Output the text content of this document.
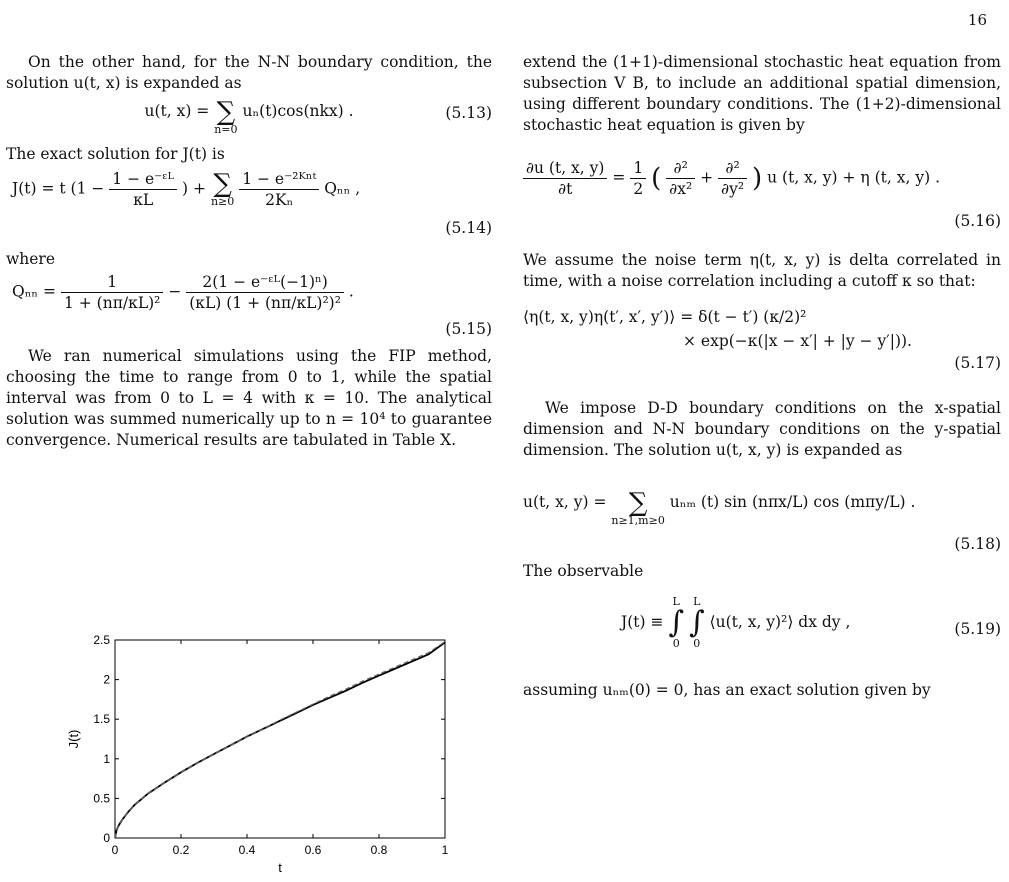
16

On the other hand, for the N-N boundary condition, the solution u(t, x) is expanded as

u(t, x) = ∑
n=0
uₙ(t)cos(nkx) .	(5.13)

The exact solution for J(t) is

J(t) = t ($1 - \frac{\text{1 − e⁻ᵋᴸ}}{\kappa L}$ ) + ∑
n≥0
$\frac{\text{1 − e⁻²ᴷⁿᵗ}}{\text{2Kₙ}}$ Qₙₙ ,
(5.14)

where

$Q_{nn} = \frac{1}{\text{1 + (nπ/κL)²}} - \frac{\text{2(1 − e⁻ᵋᴸ(−1)ⁿ)}}{\text{(κL) (1 + (nπ/κL)²)²}}$ .
(5.15)

We ran numerical simulations using the FIP method, choosing the time to range from 0 to 1, while the spatial interval was from 0 to L = 4 with κ = 10. The analytical solution was summed numerically up to n = 10⁴ to guarantee convergence. Numerical results are tabulated in Table X.

0	0.2	0.4	0.6	0.8	1
0
0.5
1
1.5
2
2.5
t
J(t)

extend the (1+1)-dimensional stochastic heat equation from subsection V B, to include an additional spatial dimension, using different boundary conditions. The (1+2)-dimensional stochastic heat equation is given by

$\frac{\partial u (t, x, y)}{\partial t} = \frac{1}{2}$ ( $\frac{\text{∂²}}{\text{∂x²}} + \frac{\text{∂²}}{\text{∂y²}}$ ) u (t, x, y) + η (t, x, y) .
(5.16)

We assume the noise term η(t, x, y) is delta correlated in time, with a noise correlation including a cutoff κ so that:

⟨η(t, x, y)η(t′, x′, y′)⟩ = δ(t − t′) (κ/2)²
× exp(−κ(|x − x′| + |y − y′|)).
(5.17)

We impose D-D boundary conditions on the x-spatial dimension and N-N boundary conditions on the y-spatial dimension. The solution u(t, x, y) is expanded as

u(t, x, y) = ∑
n≥1,m≥0
uₙₘ (t) sin (nπx/L) cos (mπy/L) .
(5.18)

The observable

J(t) ≡
L
∫
0

L
∫
0
⟨u(t, x, y)²⟩ dx dy ,	(5.19)

assuming uₙₘ(0) = 0, has an exact solution given by
